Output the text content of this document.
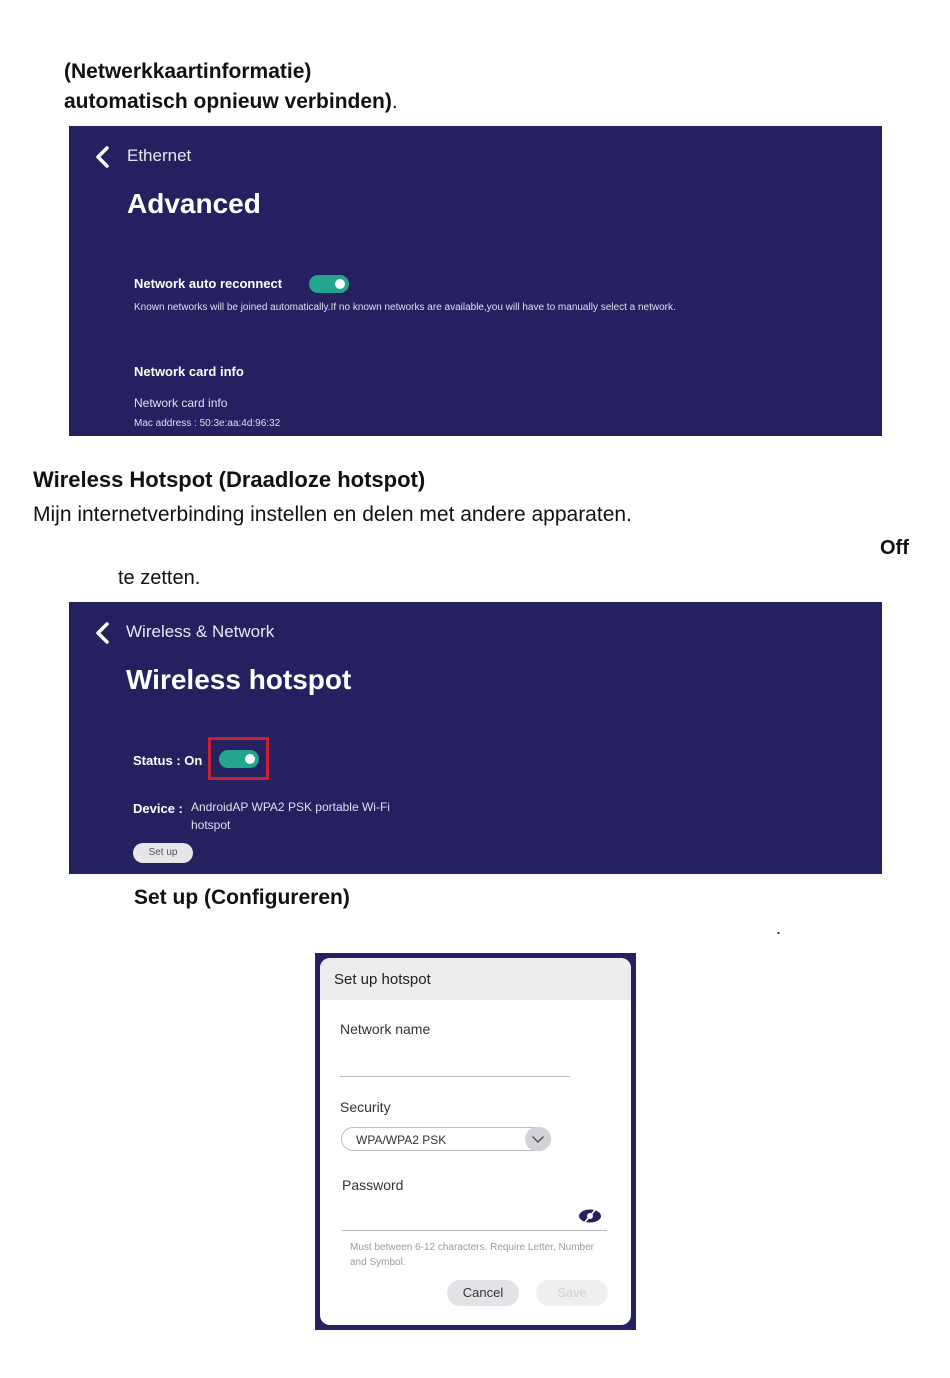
(Netwerkkaartinformatie)
automatisch opnieuw verbinden).
Ethernet
Advanced
Network auto reconnect
Known networks will be joined automatically.If no known networks are available,you will have to manually select a network.
Network card info
Network card info
Mac address : 50:3e:aa:4d:96:32
Wireless Hotspot (Draadloze hotspot)
Mijn internetverbinding instellen en delen met andere apparaten.
Off
te zetten.
Wireless & Network
Wireless hotspot
Status : On
Device : AndroidAP WPA2 PSK portable Wi-Fi
hotspot
Set up
Set up (Configureren)
.
Set up hotspot
Network name
Security
WPA/WPA2 PSK
Password
Must between 6-12 characters. Require Letter, Number and Symbol.
Cancel	Save
